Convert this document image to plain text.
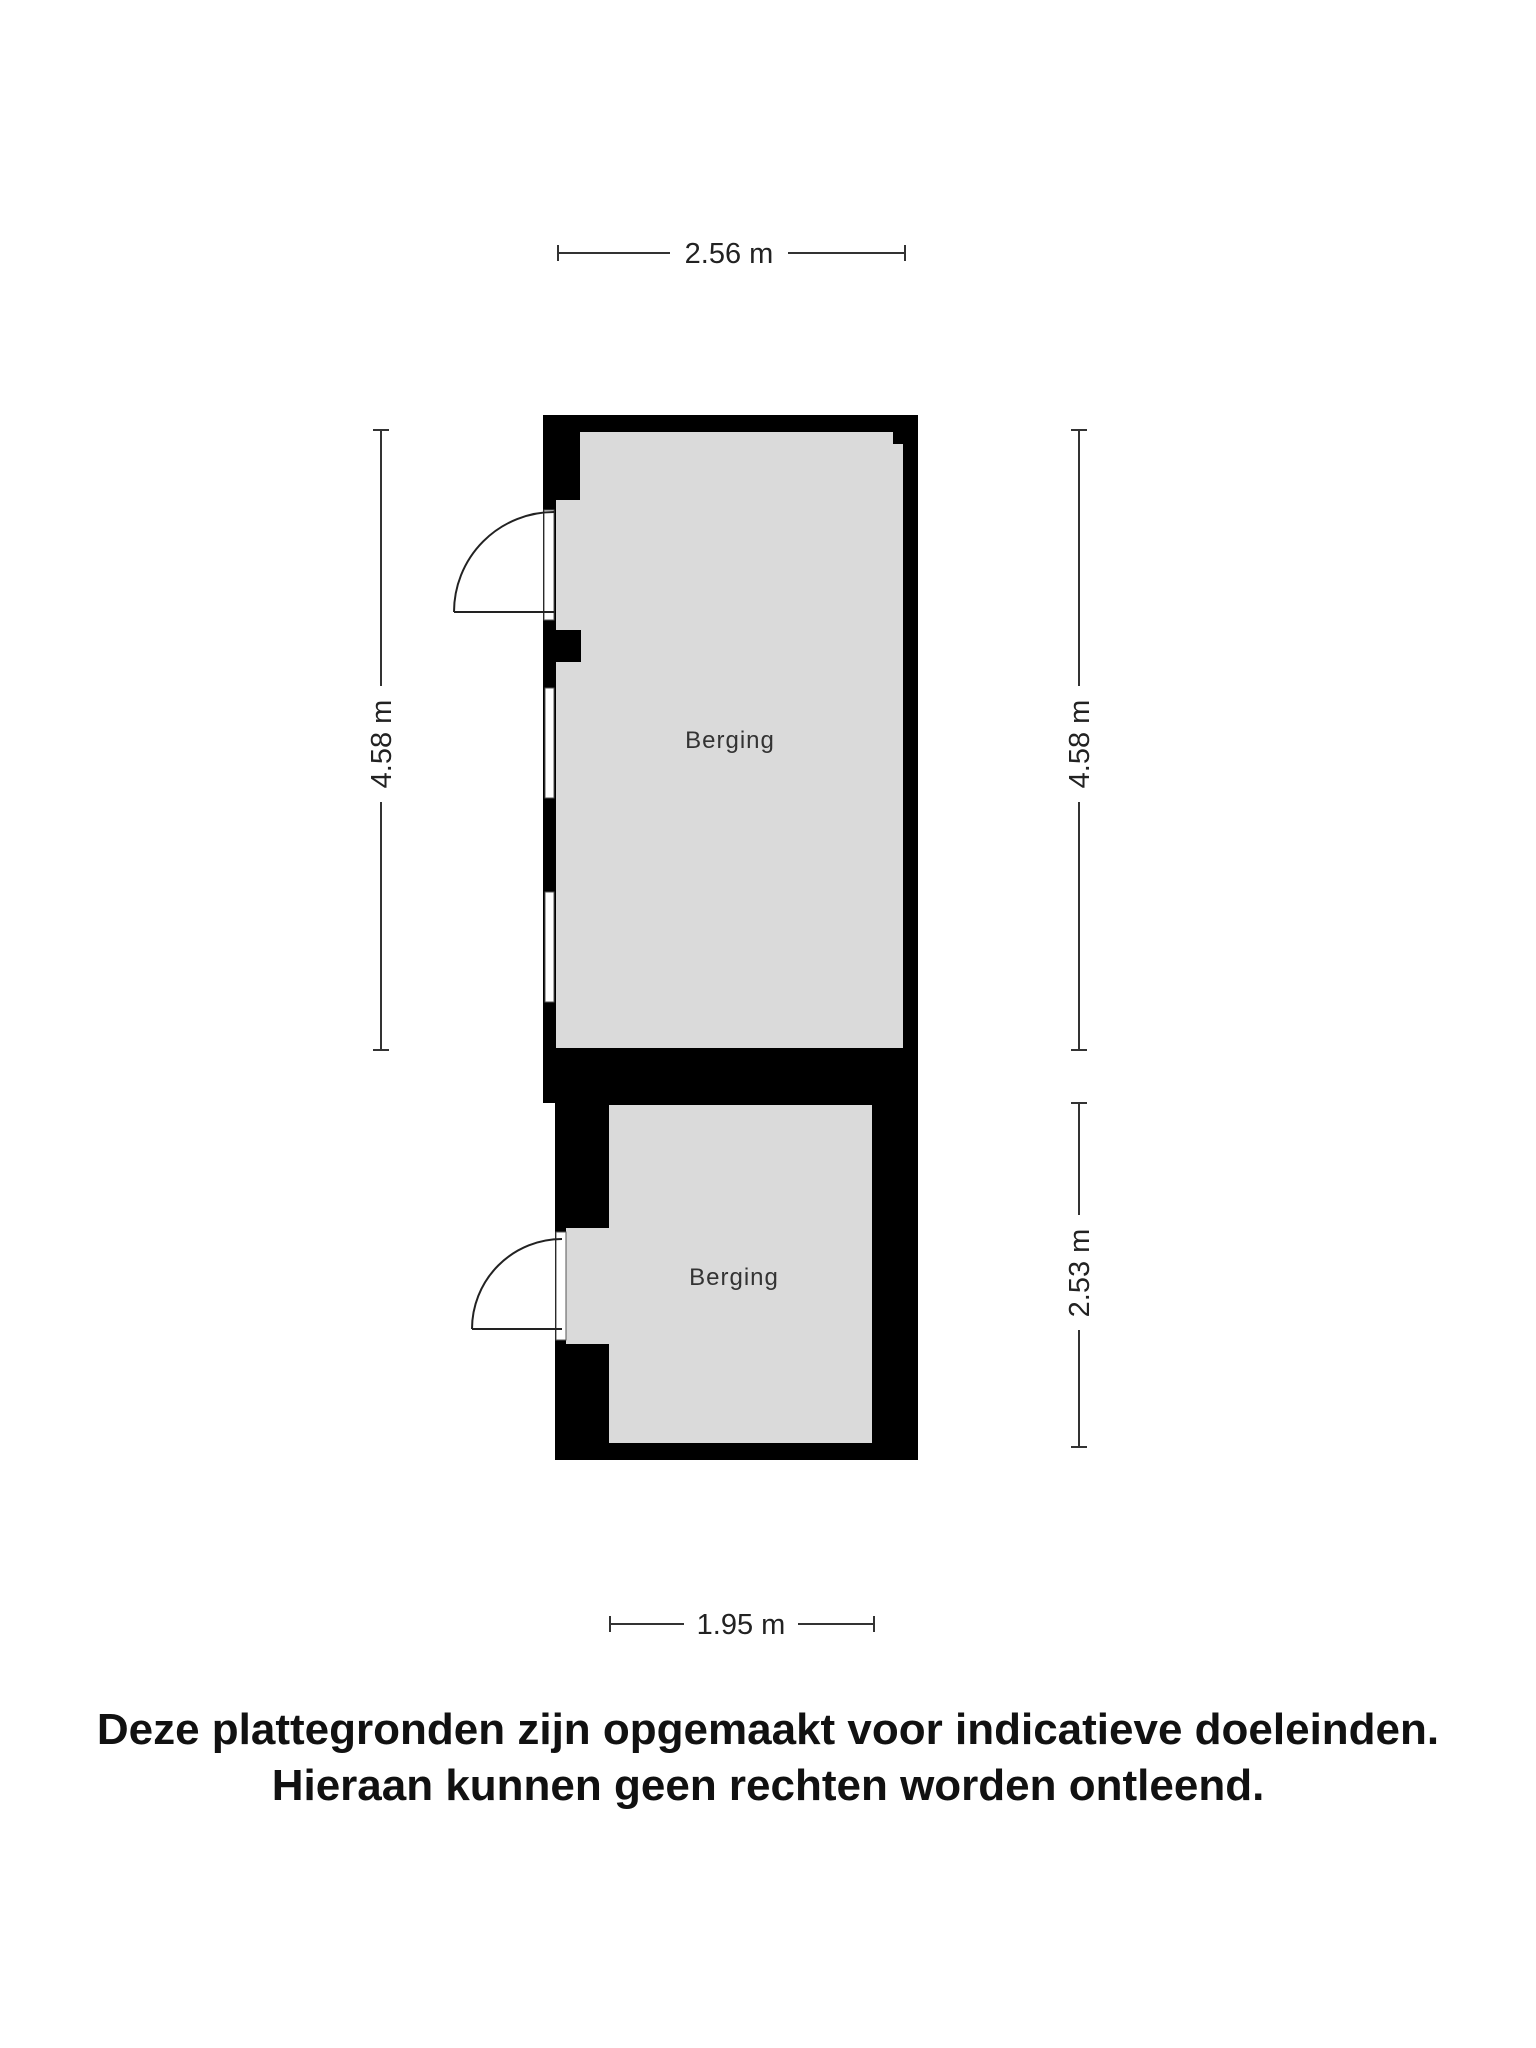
Berging
Berging
2.56 m
4.58 m	4.58 m
2.53 m
1.95 m
Deze plattegronden zijn opgemaakt voor indicatieve doeleinden.
Hieraan kunnen geen rechten worden ontleend.
